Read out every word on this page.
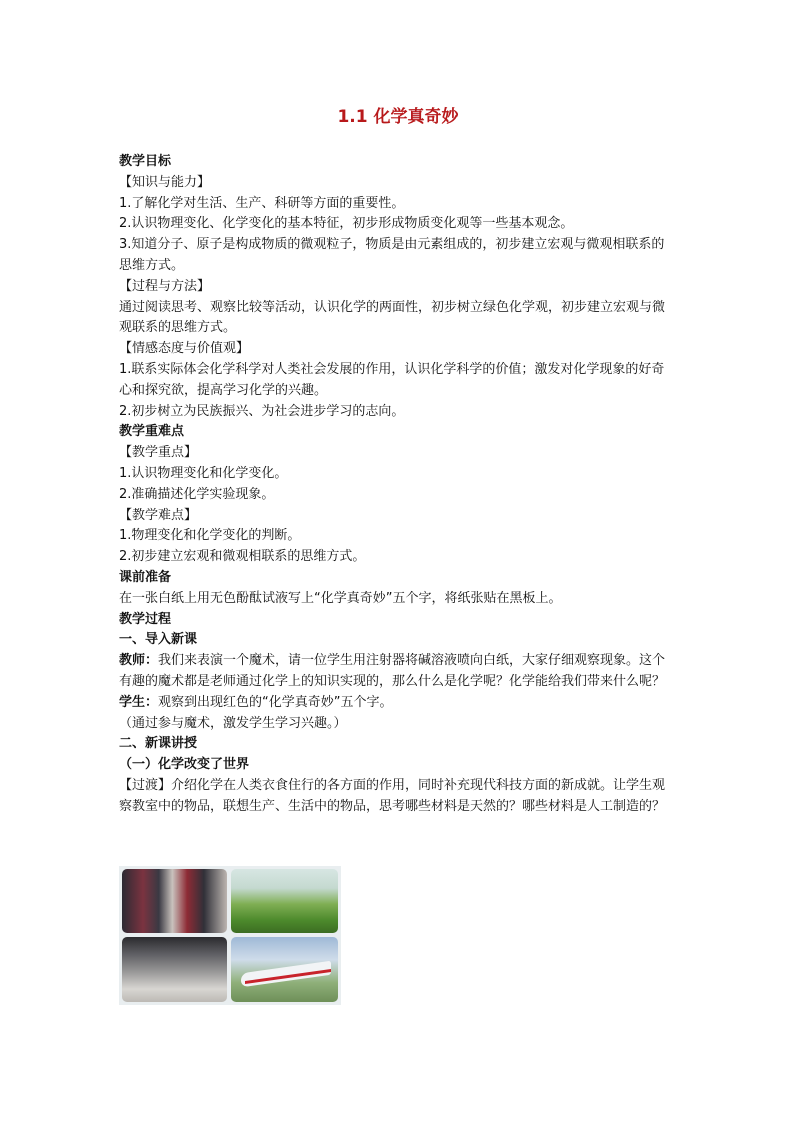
1.1 化学真奇妙

教学目标

【知识与能力】

1.了解化学对生活、生产、科研等方面的重要性。

2.认识物理变化、化学变化的基本特征，初步形成物质变化观等一些基本观念。

3.知道分子、原子是构成物质的微观粒子，物质是由元素组成的，初步建立宏观与微观相联系的思维方式。

【过程与方法】

通过阅读思考、观察比较等活动，认识化学的两面性，初步树立绿色化学观，初步建立宏观与微观联系的思维方式。

【情感态度与价值观】

1.联系实际体会化学科学对人类社会发展的作用，认识化学科学的价值；激发对化学现象的好奇心和探究欲，提高学习化学的兴趣。

2.初步树立为民族振兴、为社会进步学习的志向。

教学重难点

【教学重点】

1.认识物理变化和化学变化。

2.准确描述化学实验现象。

【教学难点】

1.物理变化和化学变化的判断。

2.初步建立宏观和微观相联系的思维方式。

课前准备

在一张白纸上用无色酚酞试液写上“化学真奇妙”五个字，将纸张贴在黑板上。

教学过程

一、导入新课

教师：我们来表演一个魔术，请一位学生用注射器将碱溶液喷向白纸，大家仔细观察现象。这个有趣的魔术都是老师通过化学上的知识实现的，那么什么是化学呢？化学能给我们带来什么呢？

学生：观察到出现红色的“化学真奇妙”五个字。

（通过参与魔术，激发学生学习兴趣。）

二、新课讲授

（一）化学改变了世界

【过渡】介绍化学在人类衣食住行的各方面的作用，同时补充现代科技方面的新成就。让学生观察教室中的物品，联想生产、生活中的物品，思考哪些材料是天然的？哪些材料是人工制造的？
